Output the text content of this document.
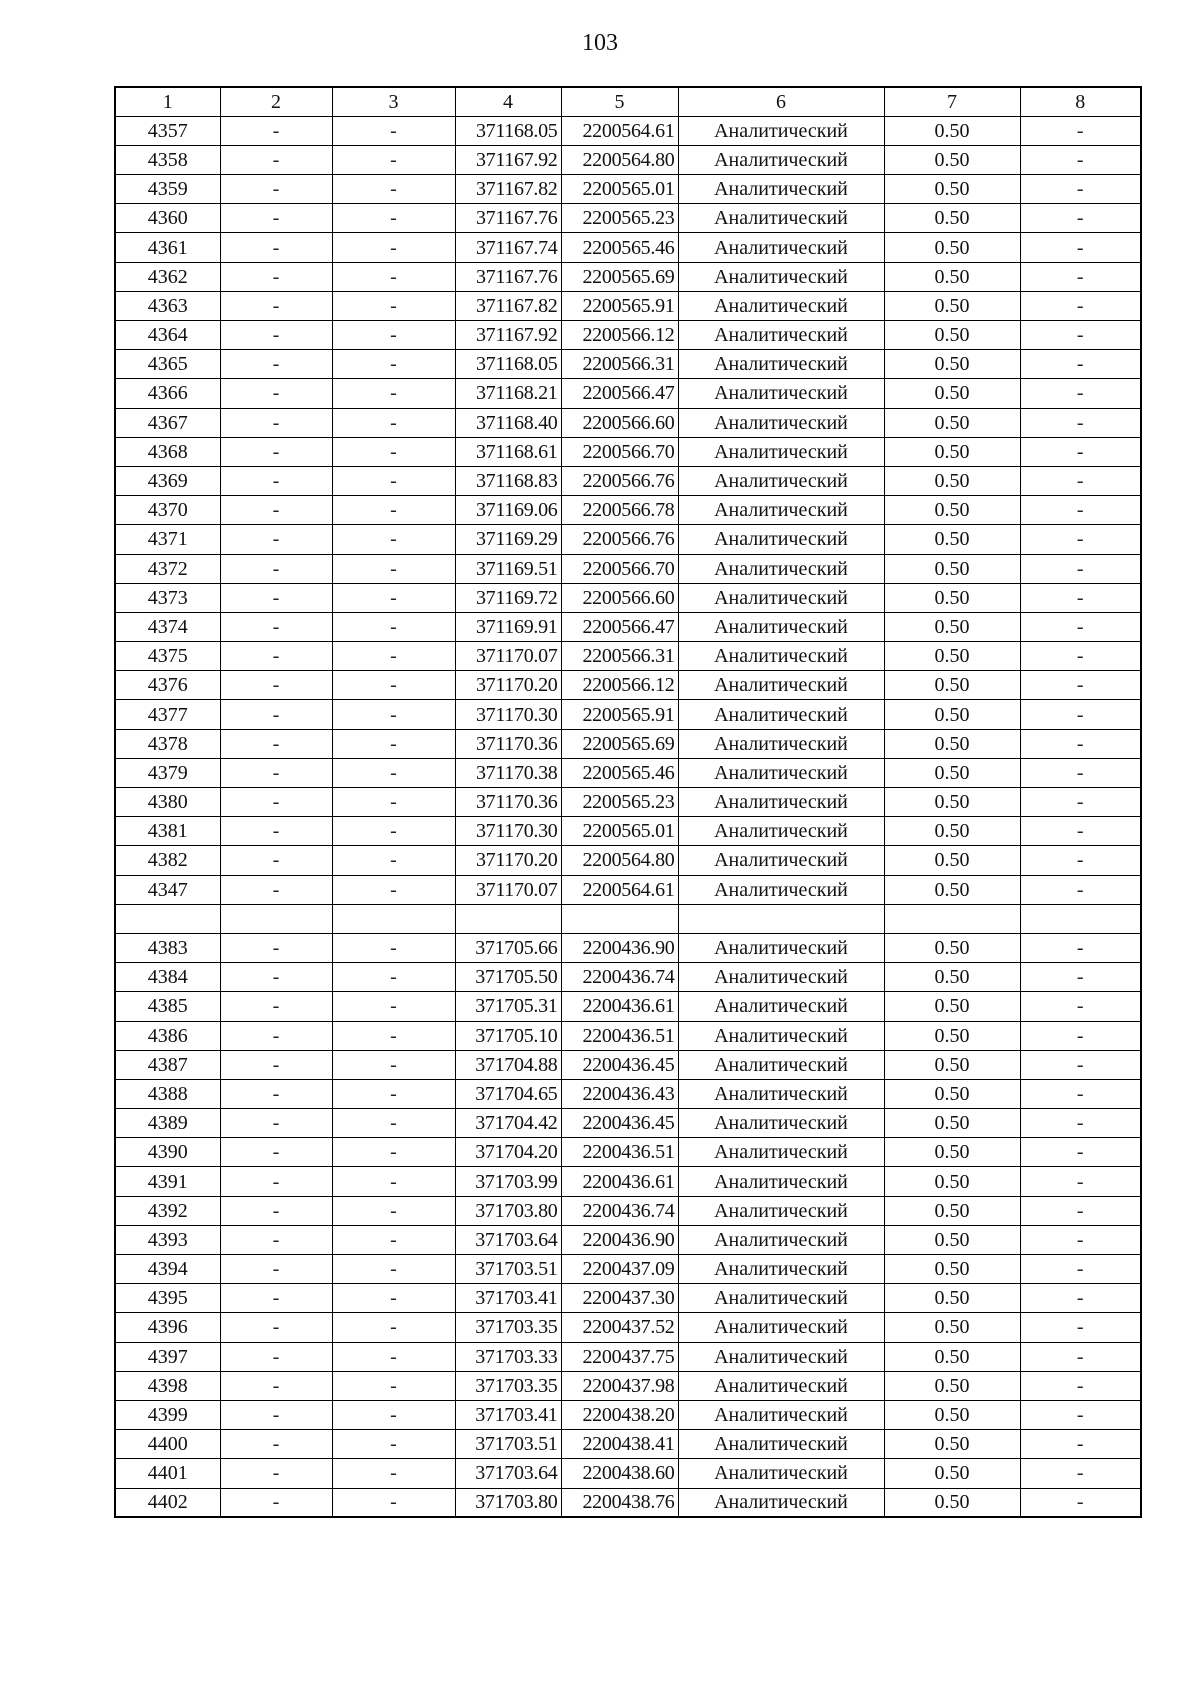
103
1	2	3	4	5	6	7	8
4357	-	-	371168.05	2200564.61	Аналитический	0.50	-
4358	-	-	371167.92	2200564.80	Аналитический	0.50	-
4359	-	-	371167.82	2200565.01	Аналитический	0.50	-
4360	-	-	371167.76	2200565.23	Аналитический	0.50	-
4361	-	-	371167.74	2200565.46	Аналитический	0.50	-
4362	-	-	371167.76	2200565.69	Аналитический	0.50	-
4363	-	-	371167.82	2200565.91	Аналитический	0.50	-
4364	-	-	371167.92	2200566.12	Аналитический	0.50	-
4365	-	-	371168.05	2200566.31	Аналитический	0.50	-
4366	-	-	371168.21	2200566.47	Аналитический	0.50	-
4367	-	-	371168.40	2200566.60	Аналитический	0.50	-
4368	-	-	371168.61	2200566.70	Аналитический	0.50	-
4369	-	-	371168.83	2200566.76	Аналитический	0.50	-
4370	-	-	371169.06	2200566.78	Аналитический	0.50	-
4371	-	-	371169.29	2200566.76	Аналитический	0.50	-
4372	-	-	371169.51	2200566.70	Аналитический	0.50	-
4373	-	-	371169.72	2200566.60	Аналитический	0.50	-
4374	-	-	371169.91	2200566.47	Аналитический	0.50	-
4375	-	-	371170.07	2200566.31	Аналитический	0.50	-
4376	-	-	371170.20	2200566.12	Аналитический	0.50	-
4377	-	-	371170.30	2200565.91	Аналитический	0.50	-
4378	-	-	371170.36	2200565.69	Аналитический	0.50	-
4379	-	-	371170.38	2200565.46	Аналитический	0.50	-
4380	-	-	371170.36	2200565.23	Аналитический	0.50	-
4381	-	-	371170.30	2200565.01	Аналитический	0.50	-
4382	-	-	371170.20	2200564.80	Аналитический	0.50	-
4347	-	-	371170.07	2200564.61	Аналитический	0.50	-

4383	-	-	371705.66	2200436.90	Аналитический	0.50	-
4384	-	-	371705.50	2200436.74	Аналитический	0.50	-
4385	-	-	371705.31	2200436.61	Аналитический	0.50	-
4386	-	-	371705.10	2200436.51	Аналитический	0.50	-
4387	-	-	371704.88	2200436.45	Аналитический	0.50	-
4388	-	-	371704.65	2200436.43	Аналитический	0.50	-
4389	-	-	371704.42	2200436.45	Аналитический	0.50	-
4390	-	-	371704.20	2200436.51	Аналитический	0.50	-
4391	-	-	371703.99	2200436.61	Аналитический	0.50	-
4392	-	-	371703.80	2200436.74	Аналитический	0.50	-
4393	-	-	371703.64	2200436.90	Аналитический	0.50	-
4394	-	-	371703.51	2200437.09	Аналитический	0.50	-
4395	-	-	371703.41	2200437.30	Аналитический	0.50	-
4396	-	-	371703.35	2200437.52	Аналитический	0.50	-
4397	-	-	371703.33	2200437.75	Аналитический	0.50	-
4398	-	-	371703.35	2200437.98	Аналитический	0.50	-
4399	-	-	371703.41	2200438.20	Аналитический	0.50	-
4400	-	-	371703.51	2200438.41	Аналитический	0.50	-
4401	-	-	371703.64	2200438.60	Аналитический	0.50	-
4402	-	-	371703.80	2200438.76	Аналитический	0.50	-
